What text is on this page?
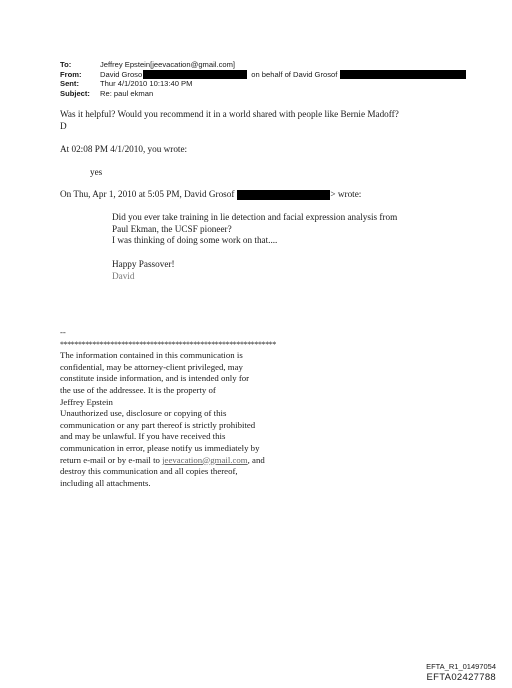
To:	Jeffrey Epstein[jeevacation@gmail.com]
From:	David Groso	on behalf of David Grosof
Sent:	Thur 4/1/2010 10:13:40 PM
Subject:	Re: paul ekman
Was it helpful? Would you recommend it in a world shared with people like Bernie Madoff?
D
At 02:08 PM 4/1/2010, you wrote:
yes
On Thu, Apr 1, 2010 at 5:05 PM, David Grosof	> wrote:
Did you ever take training in lie detection and facial expression analysis from
Paul Ekman, the UCSF pioneer?
I was thinking of doing some work on that....
Happy Passover!
David
--
************************************************************
The information contained in this communication is
confidential, may be attorney-client privileged, may
constitute inside information, and is intended only for
the use of the addressee. It is the property of
Jeffrey Epstein
Unauthorized use, disclosure or copying of this
communication or any part thereof is strictly prohibited
and may be unlawful. If you have received this
communication in error, please notify us immediately by
return e-mail or by e-mail to jeevacation@gmail.com, and
destroy this communication and all copies thereof,
including all attachments.
EFTA_R1_01497054
EFTA02427788
